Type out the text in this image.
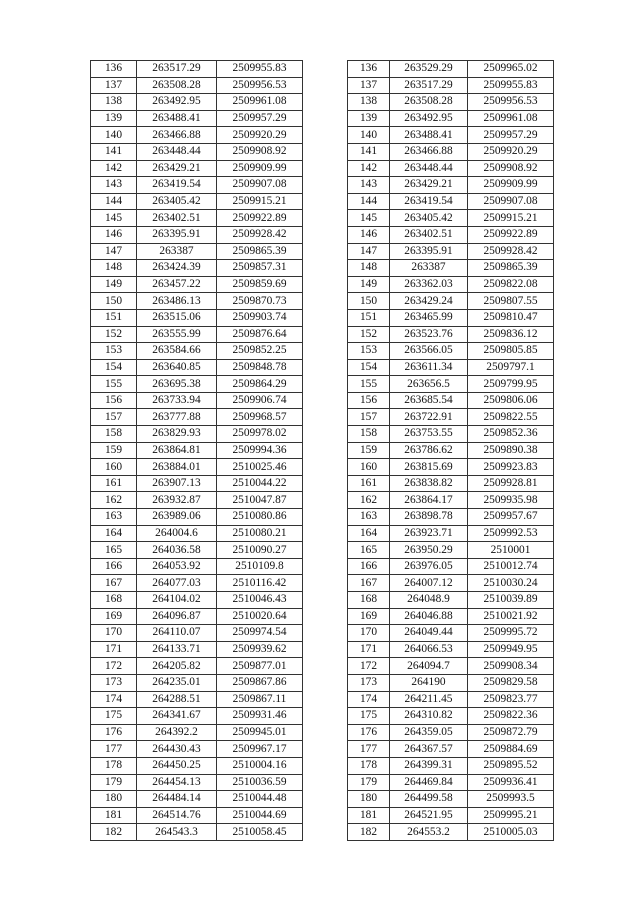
136	263517.29	2509955.83
137	263508.28	2509956.53
138	263492.95	2509961.08
139	263488.41	2509957.29
140	263466.88	2509920.29
141	263448.44	2509908.92
142	263429.21	2509909.99
143	263419.54	2509907.08
144	263405.42	2509915.21
145	263402.51	2509922.89
146	263395.91	2509928.42
147	263387	2509865.39
148	263424.39	2509857.31
149	263457.22	2509859.69
150	263486.13	2509870.73
151	263515.06	2509903.74
152	263555.99	2509876.64
153	263584.66	2509852.25
154	263640.85	2509848.78
155	263695.38	2509864.29
156	263733.94	2509906.74
157	263777.88	2509968.57
158	263829.93	2509978.02
159	263864.81	2509994.36
160	263884.01	2510025.46
161	263907.13	2510044.22
162	263932.87	2510047.87
163	263989.06	2510080.86
164	264004.6	2510080.21
165	264036.58	2510090.27
166	264053.92	2510109.8
167	264077.03	2510116.42
168	264104.02	2510046.43
169	264096.87	2510020.64
170	264110.07	2509974.54
171	264133.71	2509939.62
172	264205.82	2509877.01
173	264235.01	2509867.86
174	264288.51	2509867.11
175	264341.67	2509931.46
176	264392.2	2509945.01
177	264430.43	2509967.17
178	264450.25	2510004.16
179	264454.13	2510036.59
180	264484.14	2510044.48
181	264514.76	2510044.69
182	264543.3	2510058.45
136	263529.29	2509965.02
137	263517.29	2509955.83
138	263508.28	2509956.53
139	263492.95	2509961.08
140	263488.41	2509957.29
141	263466.88	2509920.29
142	263448.44	2509908.92
143	263429.21	2509909.99
144	263419.54	2509907.08
145	263405.42	2509915.21
146	263402.51	2509922.89
147	263395.91	2509928.42
148	263387	2509865.39
149	263362.03	2509822.08
150	263429.24	2509807.55
151	263465.99	2509810.47
152	263523.76	2509836.12
153	263566.05	2509805.85
154	263611.34	2509797.1
155	263656.5	2509799.95
156	263685.54	2509806.06
157	263722.91	2509822.55
158	263753.55	2509852.36
159	263786.62	2509890.38
160	263815.69	2509923.83
161	263838.82	2509928.81
162	263864.17	2509935.98
163	263898.78	2509957.67
164	263923.71	2509992.53
165	263950.29	2510001
166	263976.05	2510012.74
167	264007.12	2510030.24
168	264048.9	2510039.89
169	264046.88	2510021.92
170	264049.44	2509995.72
171	264066.53	2509949.95
172	264094.7	2509908.34
173	264190	2509829.58
174	264211.45	2509823.77
175	264310.82	2509822.36
176	264359.05	2509872.79
177	264367.57	2509884.69
178	264399.31	2509895.52
179	264469.84	2509936.41
180	264499.58	2509993.5
181	264521.95	2509995.21
182	264553.2	2510005.03
